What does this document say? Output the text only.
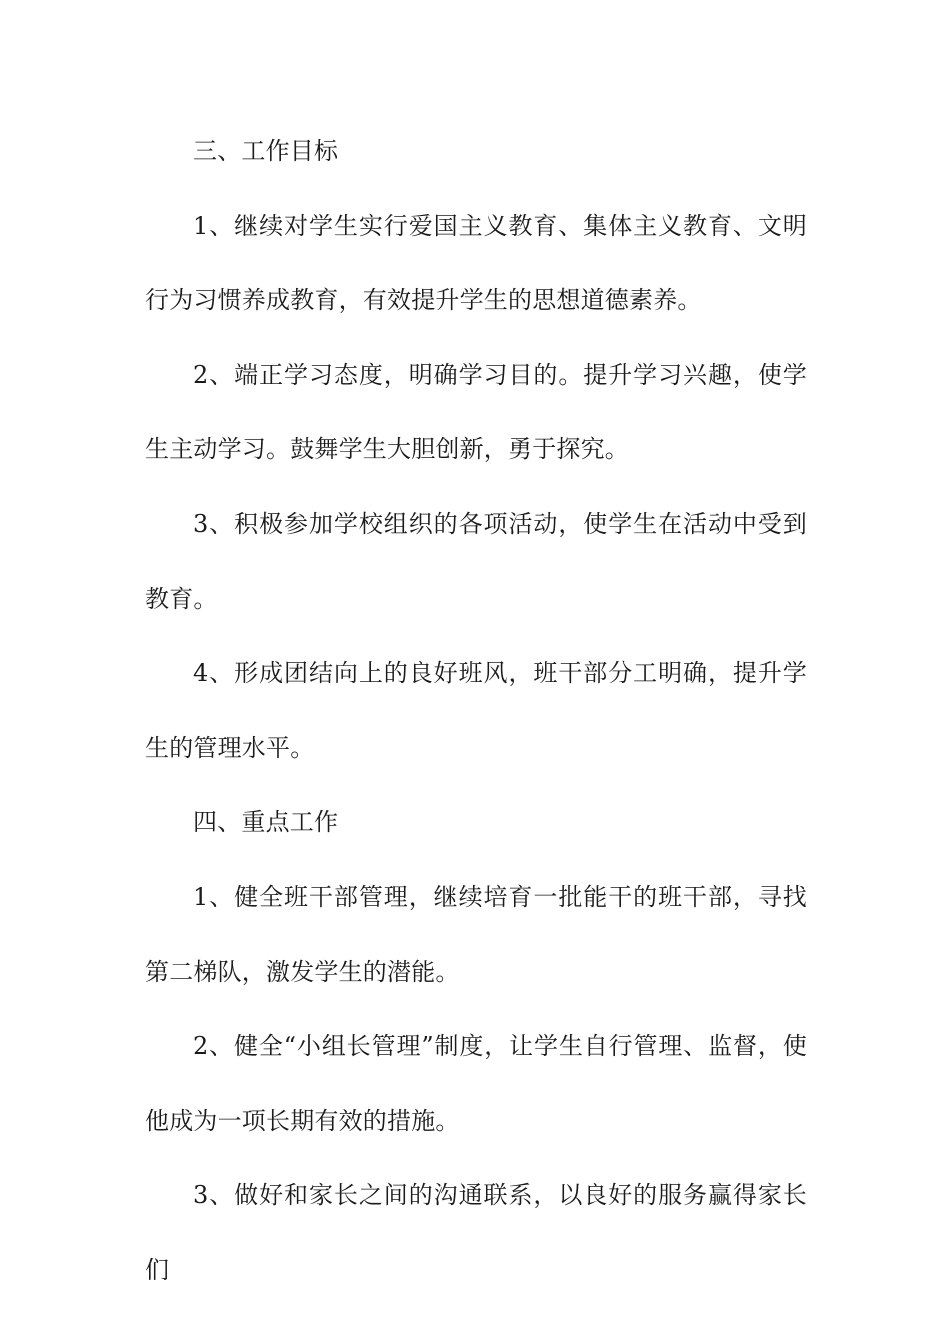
三、工作目标

1、继续对学生实行爱国主义教育、集体主义教育、文明行为习惯养成教育，有效提升学生的思想道德素养。

2、端正学习态度，明确学习目的。提升学习兴趣，使学生主动学习。鼓舞学生大胆创新，勇于探究。

3、积极参加学校组织的各项活动，使学生在活动中受到教育。

4、形成团结向上的良好班风，班干部分工明确，提升学生的管理水平。

四、重点工作

1、健全班干部管理，继续培育一批能干的班干部，寻找第二梯队，激发学生的潜能。

2、健全“小组长管理”制度，让学生自行管理、监督，使他成为一项长期有效的措施。

3、做好和家长之间的沟通联系，以良好的服务赢得家长们
